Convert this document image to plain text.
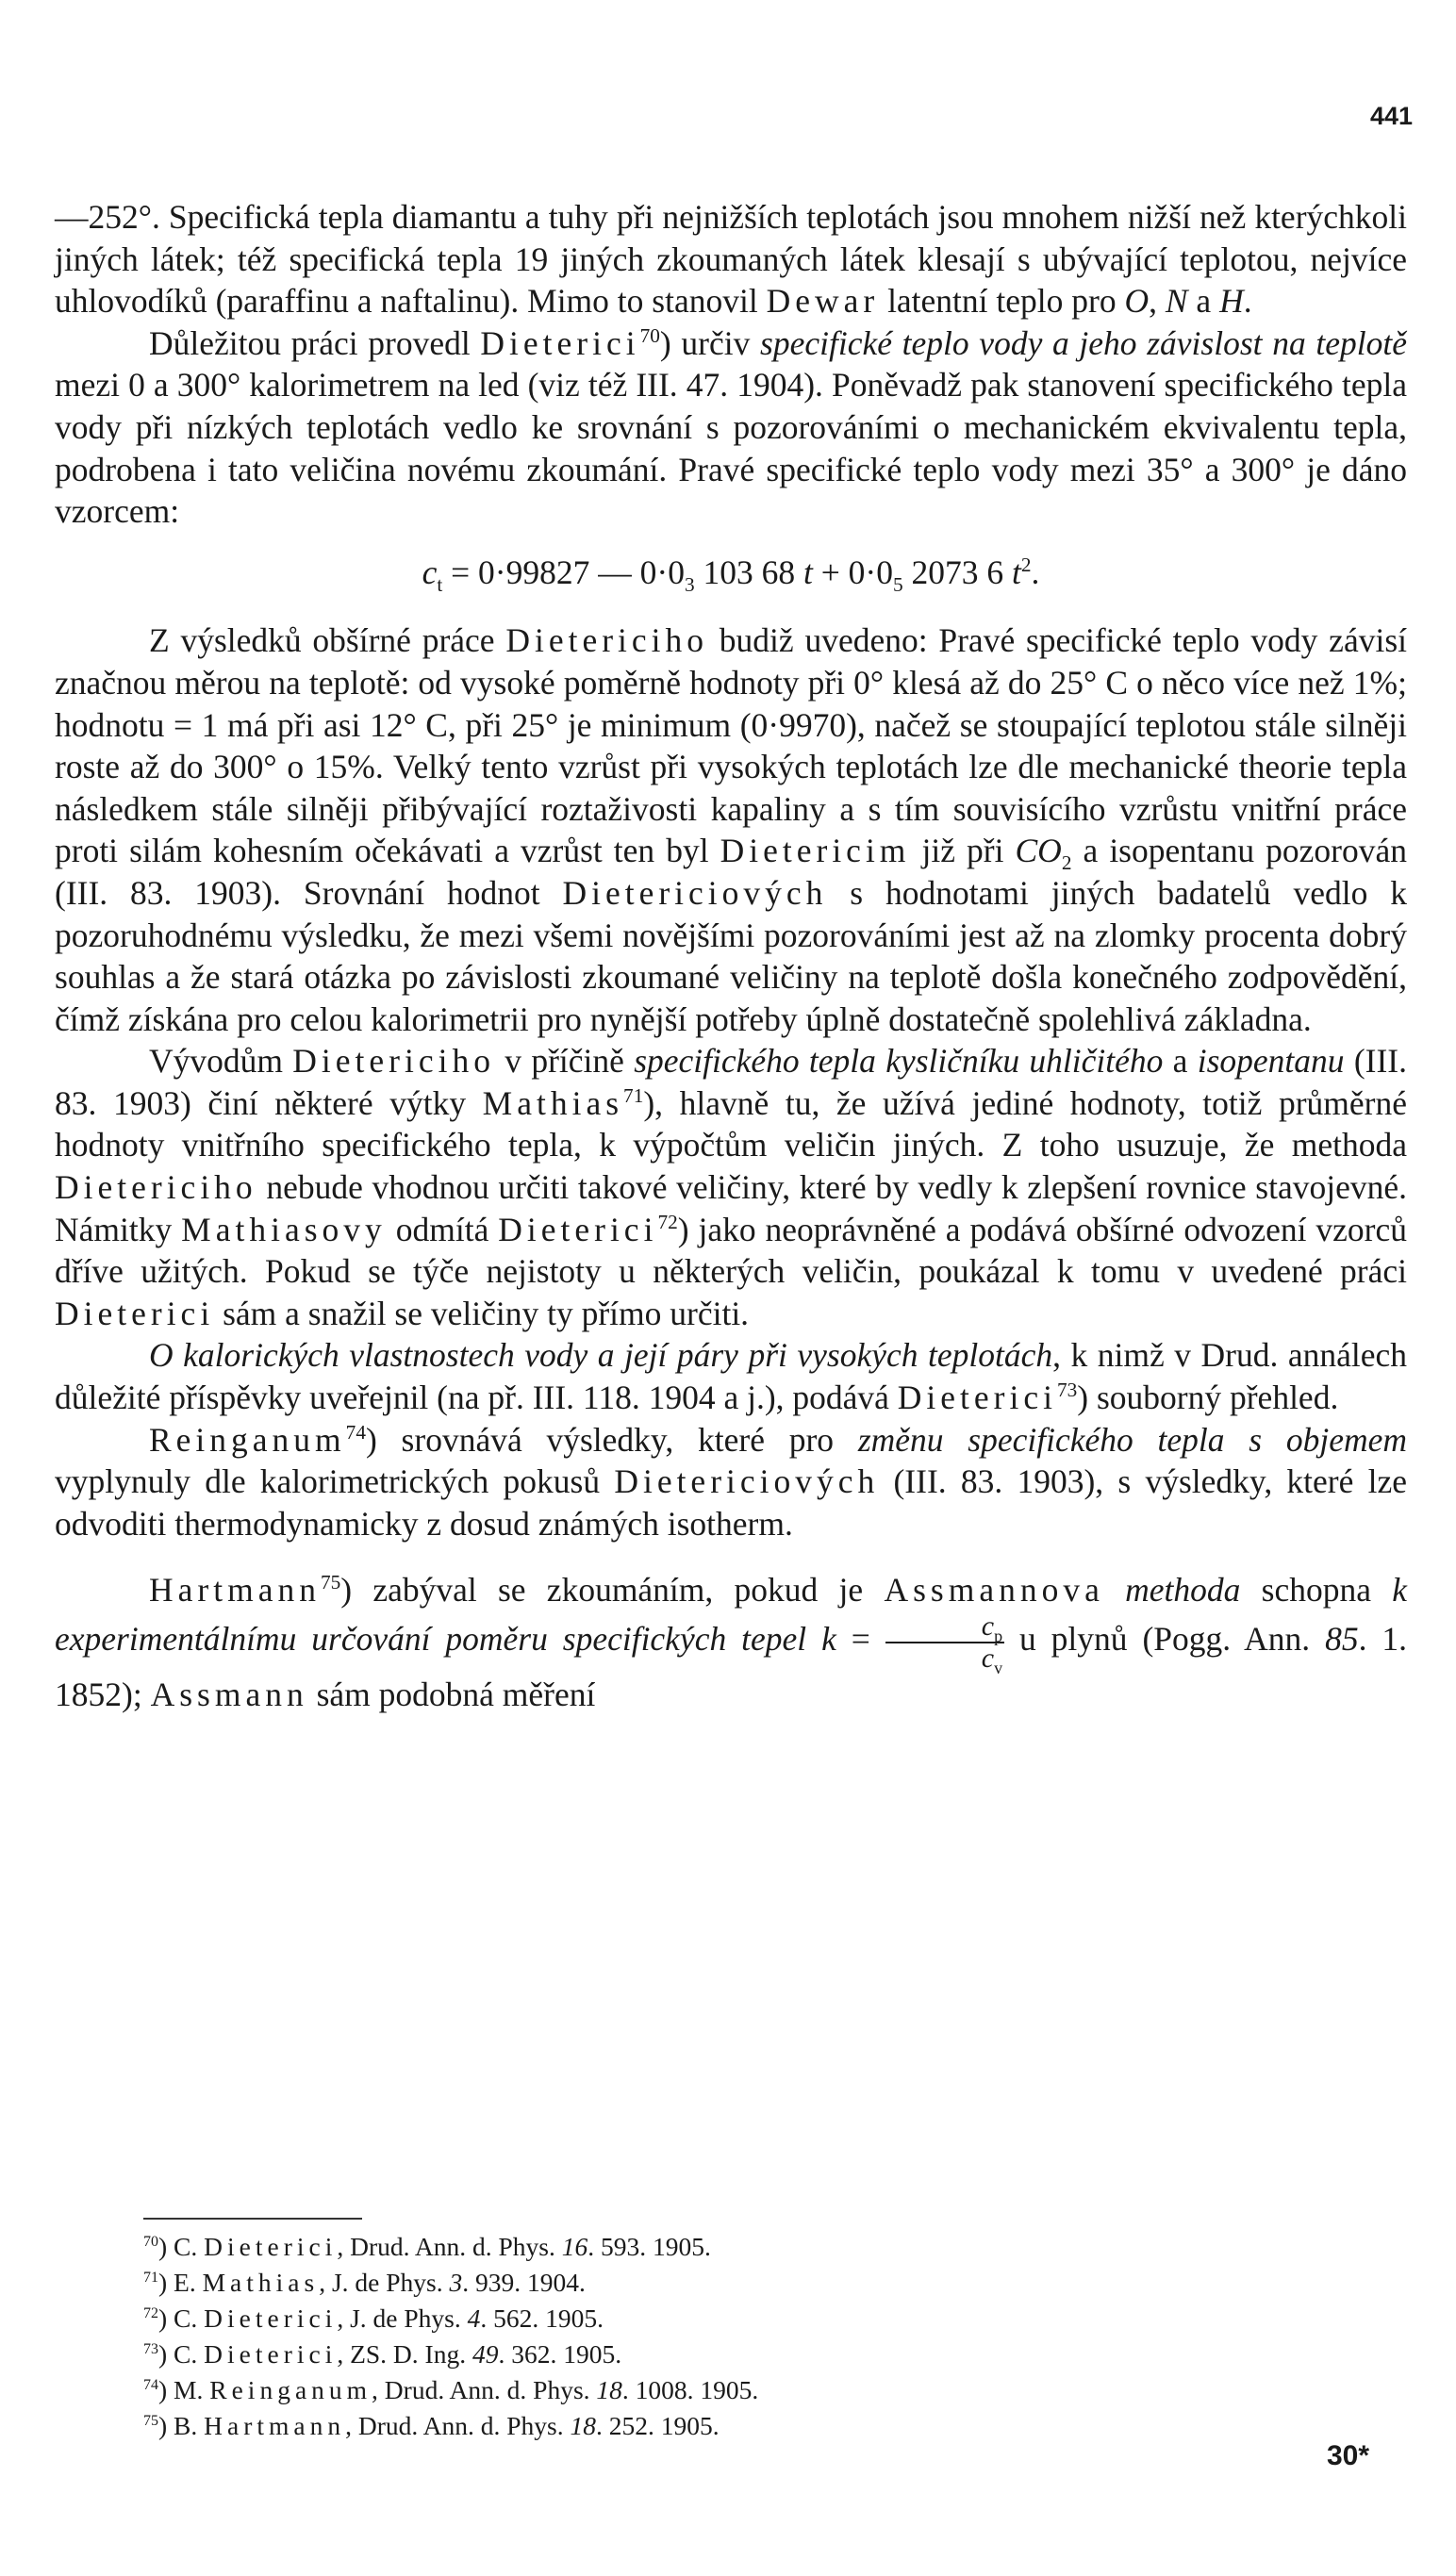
441

—252°. Specifická tepla diamantu a tuhy při nejnižších teplotách jsou mnohem nižší než kterýchkoli jiných látek; též specifická tepla 19 jiných zkoumaných látek klesají s ubývající teplotou, nejvíce uhlovodíků (paraffinu a naftalinu). Mimo to stanovil Dewar latentní teplo pro O, N a H.

Důležitou práci provedl Dieterici$^{70}$) určiv specifické teplo vody a jeho závislost na teplotě mezi 0 a 300° kalorimetrem na led (viz též III. 47. 1904). Poněvadž pak stanovení specifického tepla vody při nízkých teplotách vedlo ke srovnání s pozorováními o mechanickém ekvivalentu tepla, podrobena i tato veličina novému zkoumání. Pravé specifické teplo vody mezi 35° a 300° je dáno vzorcem:

$c_t = 0\cdot 99827$ — $0\cdot 0_3$ 103 68 $t + 0\cdot 0_5$ 2073 6 $t^2$.

Z výsledků obšírné práce Dietericiho budiž uvedeno: Pravé specifické teplo vody závisí značnou měrou na teplotě: od vysoké poměrně hodnoty při 0° klesá až do 25° C o něco více než 1%; hodnotu = 1 má při asi 12° C, při 25° je minimum (0·9970), načež se stoupající teplotou stále silněji roste až do 300° o 15%. Velký tento vzrůst při vysokých teplotách lze dle mechanické theorie tepla následkem stále silněji přibývající roztaživosti kapaliny a s tím souvisícího vzrůstu vnitřní práce proti silám kohesním očekávati a vzrůst ten byl Dietericim již při $CO_2$ a isopentanu pozorován (III. 83. 1903). Srovnání hodnot Dietericiových s hodnotami jiných badatelů vedlo k pozoruhodnému výsledku, že mezi všemi novějšími pozorováními jest až na zlomky procenta dobrý souhlas a že stará otázka po závislosti zkoumané veličiny na teplotě došla konečného zodpovědění, čímž získána pro celou kalorimetrii pro nynější potřeby úplně dostatečně spolehlivá základna.

Vývodům Dietericiho v příčině specifického tepla kysličníku uhličitého a isopentanu (III. 83. 1903) činí některé výtky Mathias$^{71}$), hlavně tu, že užívá jediné hodnoty, totiž průměrné hodnoty vnitřního specifického tepla, k výpočtům veličin jiných. Z toho usuzuje, že methoda Dietericiho nebude vhodnou určiti takové veličiny, které by vedly k zlepšení rovnice stavojevné. Námitky Mathiasovy odmítá Dieterici$^{72}$) jako neoprávněné a podává obšírné odvození vzorců dříve užitých. Pokud se týče nejistoty u některých veličin, poukázal k tomu v uvedené práci Dieterici sám a snažil se veličiny ty přímo určiti.

O kalorických vlastnostech vody a její páry při vysokých teplotách, k nimž v Drud. annálech důležité příspěvky uveřejnil (na př. III. 118. 1904 a j.), podává Dieterici$^{73}$) souborný přehled.

Reinganum$^{74}$) srovnává výsledky, které pro změnu specifického tepla s objemem vyplynuly dle kalorimetrických pokusů Dietericiových (III. 83. 1903), s výsledky, které lze odvoditi thermodynamicky z dosud známých isotherm.

Hartmann$^{75}$) zabýval se zkoumáním, pokud je Assmannova methoda schopna k experimentálnímu určování poměru specifických tepel $k = \frac{c_p}{c_v}$ u plynů (Pogg. Ann. 85. 1. 1852); Assmann sám podobná měření

$^{70}$) C. Dieterici, Drud. Ann. d. Phys. 16. 593. 1905.
$^{71}$) E. Mathias, J. de Phys. 3. 939. 1904.
$^{72}$) C. Dieterici, J. de Phys. 4. 562. 1905.
$^{73}$) C. Dieterici, ZS. D. Ing. 49. 362. 1905.
$^{74}$) M. Reinganum, Drud. Ann. d. Phys. 18. 1008. 1905.
$^{75}$) B. Hartmann, Drud. Ann. d. Phys. 18. 252. 1905.
30*
